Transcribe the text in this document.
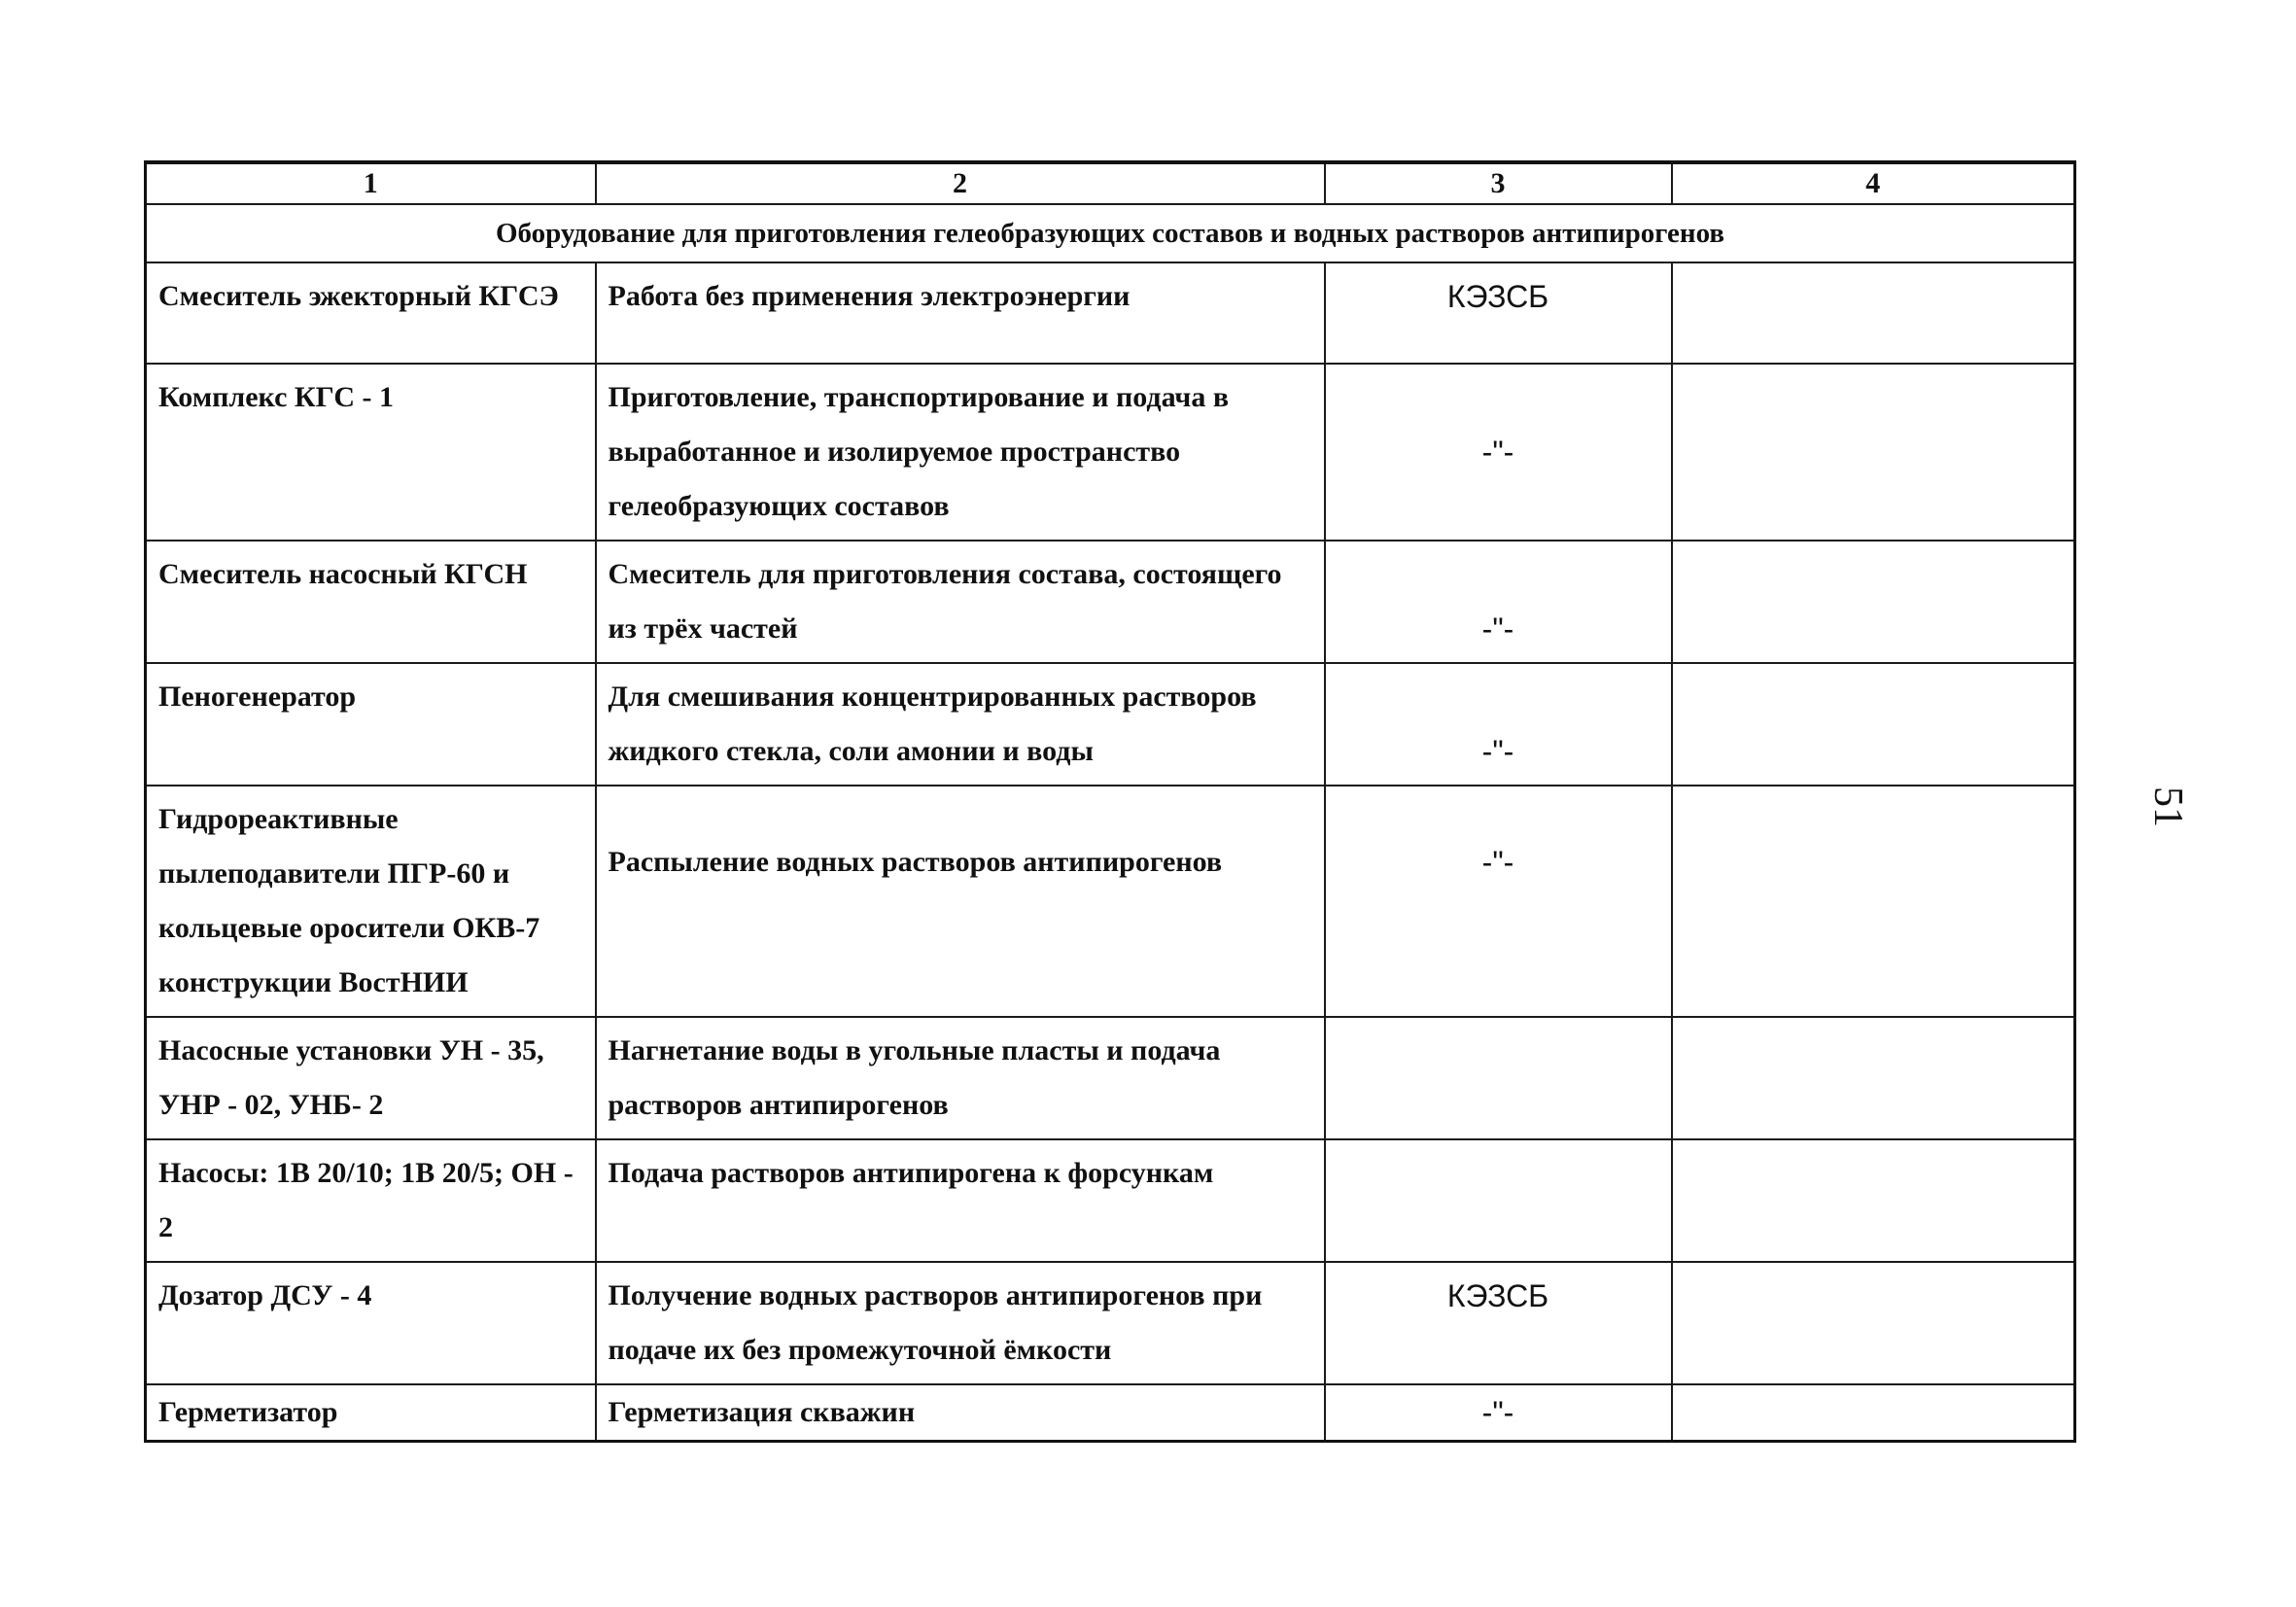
1	2	3	4
Оборудование для приготовления гелеобразующих составов и водных растворов антипирогенов			
Смеситель эжекторный КГСЭ	Работа без применения электроэнергии	КЭЗСБ	
Комплекс КГС - 1	Приготовление, транспортирование и подача в выработанное и изолируемое пространство гелеобразующих составов	-"-	
Смеситель насосный КГСН	Смеситель для приготовления состава, состоящего из трёх частей	-"-	
Пеногенератор	Для смешивания концентрированных растворов жидкого стекла, соли амонии и воды	-"-	
Гидрореактивные пылеподавители ПГР-60 и кольцевые оросители ОКВ-7 конструкции ВостНИИ	Распыление водных растворов антипирогенов	-"-	
Насосные установки УН - 35, УНР - 02, УНБ- 2	Нагнетание воды в угольные пласты и подача растворов антипирогенов		
Насосы: 1В 20/10; 1В 20/5; ОН - 2	Подача растворов антипирогена к форсункам		
Дозатор ДСУ - 4	Получение водных растворов антипирогенов при подаче их без промежуточной ёмкости	КЭЗСБ	
Герметизатор	Герметизация скважин	-"-	
51
